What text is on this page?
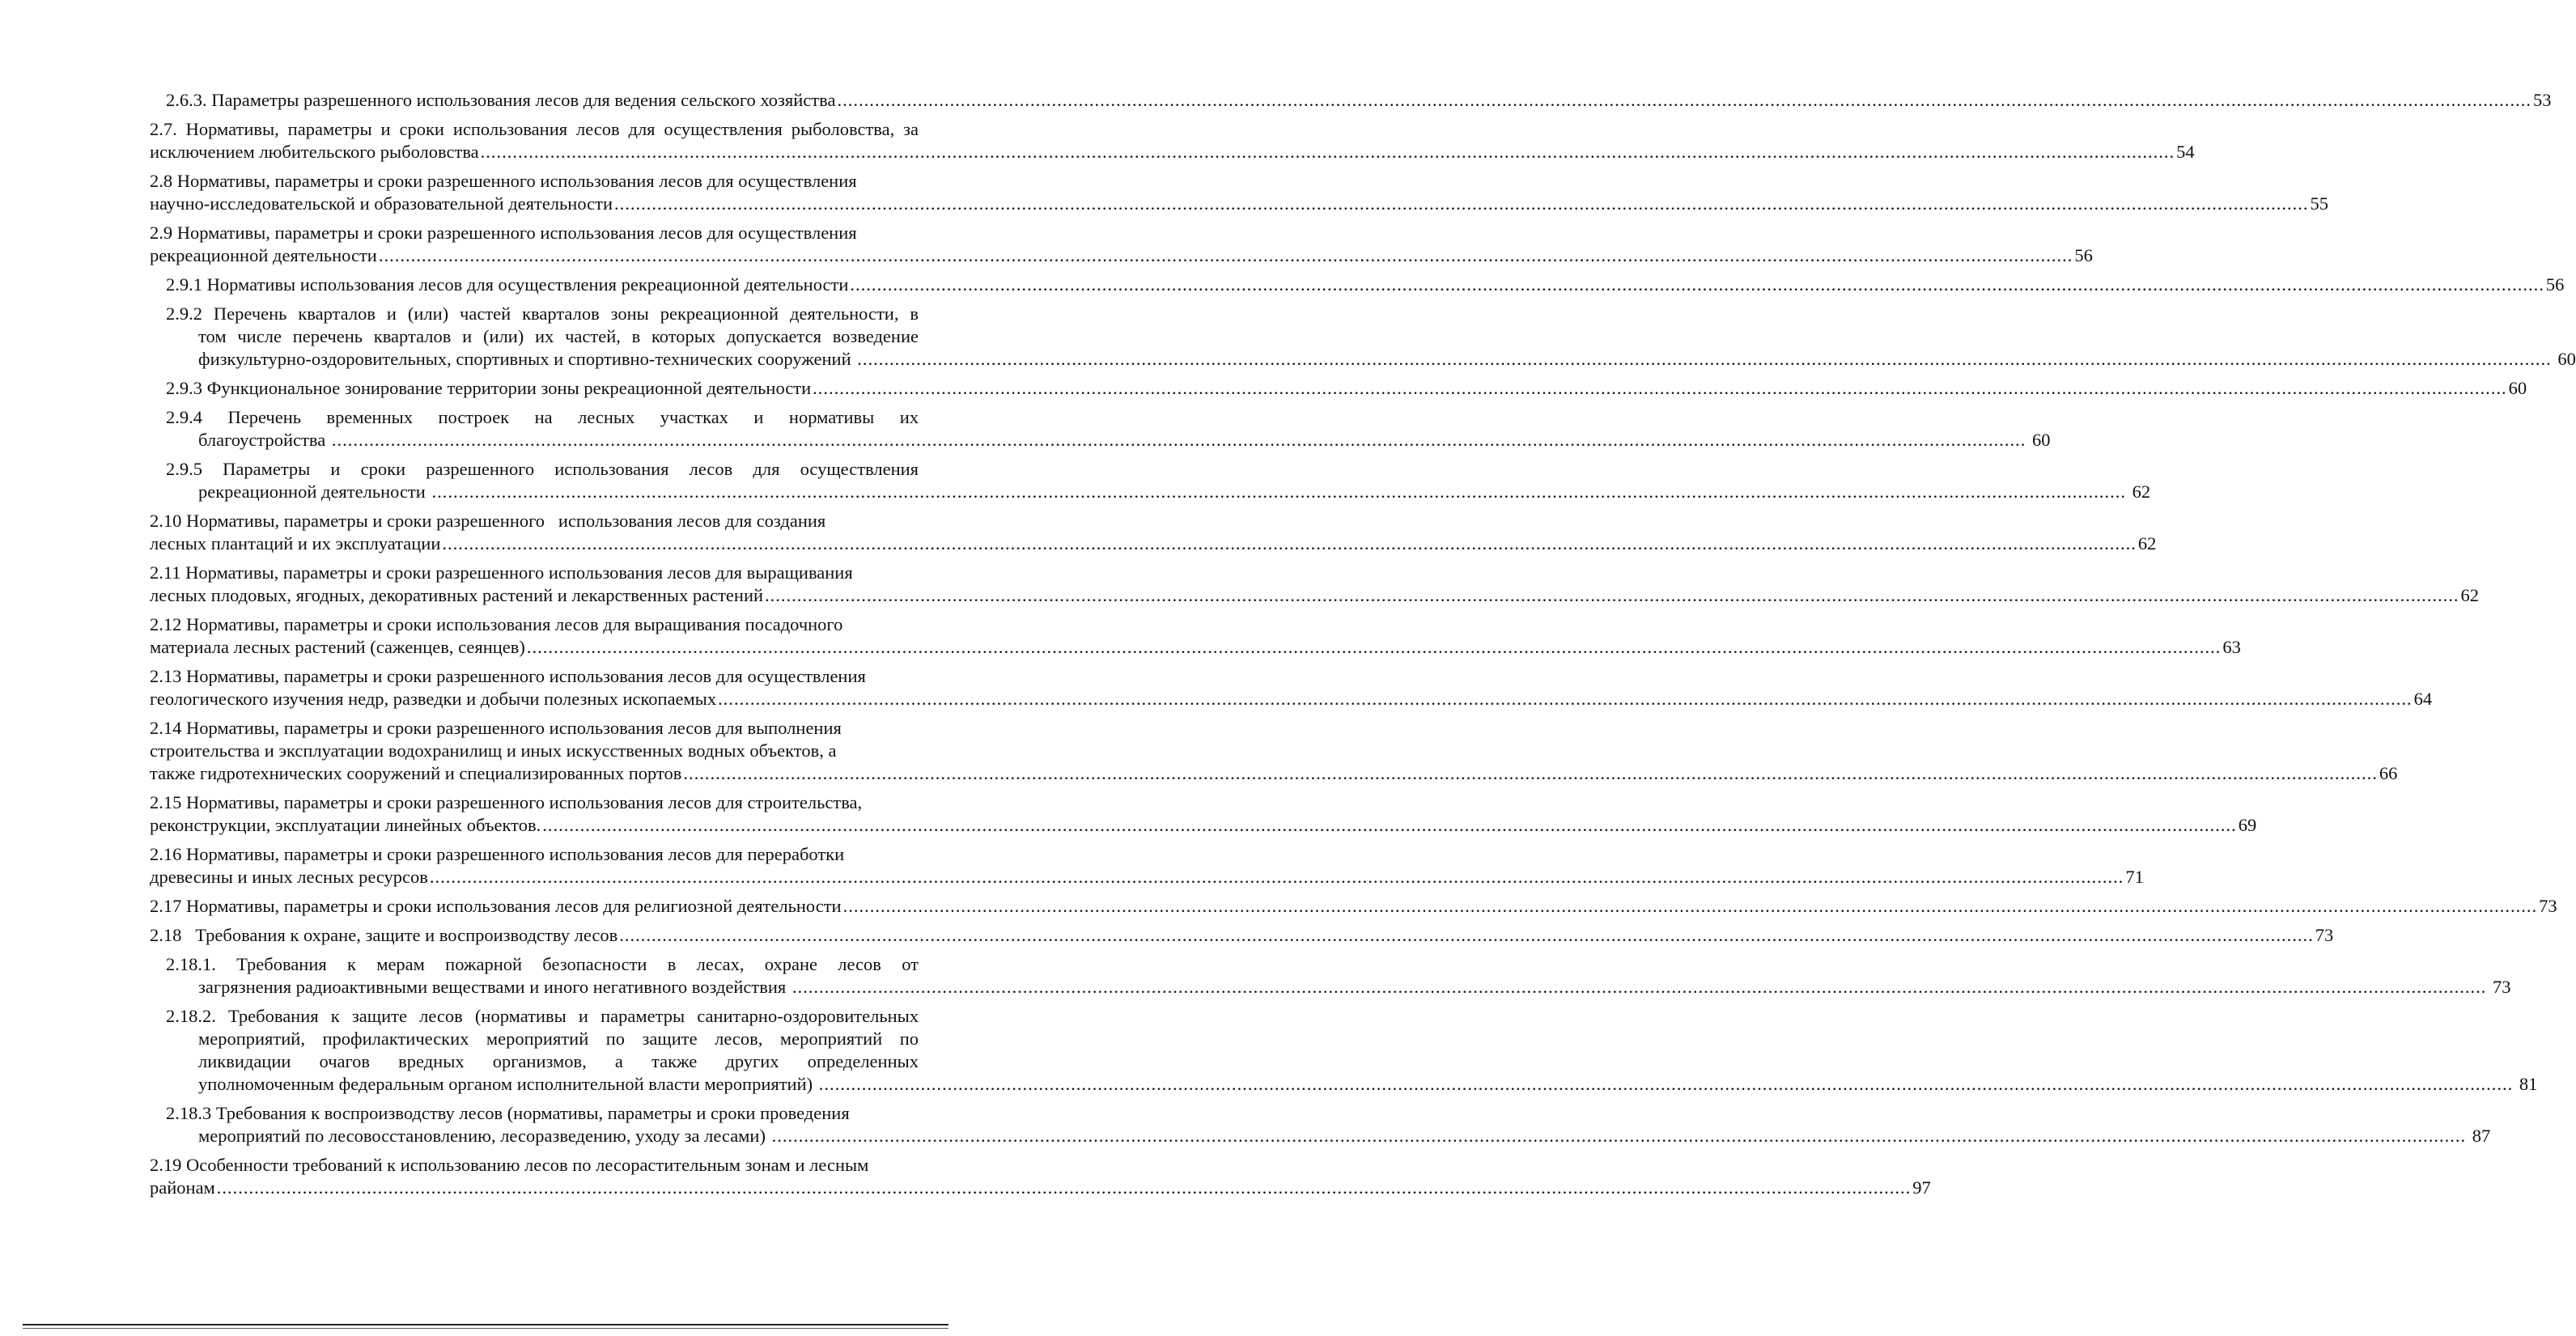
2.6.3. Параметры разрешенного использования лесов для ведения сельского хозяйства .....	53
2.7. Нормативы, параметры и сроки использования лесов для осуществления рыболовства, за
исключением любительского рыболовства .....	54
2.8 Нормативы, параметры и сроки разрешенного использования лесов для осуществления
научно-исследовательской и образовательной деятельности .....	55
2.9 Нормативы, параметры и сроки разрешенного использования лесов для осуществления
рекреационной деятельности .....	56
2.9.1 Нормативы использования лесов для осуществления рекреационной деятельности .....	56
2.9.2 Перечень кварталов и (или) частей кварталов зоны рекреационной деятельности, в
том числе перечень кварталов и (или) их частей, в которых допускается возведение
физкультурно-оздоровительных, спортивных и спортивно-технических сооружений .....	60
2.9.3 Функциональное зонирование территории зоны рекреационной деятельности .....	60
2.9.4 Перечень временных построек на лесных участках и нормативы их
благоустройства .....	60
2.9.5 Параметры и сроки разрешенного использования лесов для осуществления
рекреационной деятельности .....	62
2.10 Нормативы, параметры и сроки разрешенного   использования лесов для создания
лесных плантаций и их эксплуатации .....	62
2.11 Нормативы, параметры и сроки разрешенного использования лесов для выращивания
лесных плодовых, ягодных, декоративных растений и лекарственных растений .....	62
2.12 Нормативы, параметры и сроки использования лесов для выращивания посадочного
материала лесных растений (саженцев, сеянцев) .....	63
2.13 Нормативы, параметры и сроки разрешенного использования лесов для осуществления
геологического изучения недр, разведки и добычи полезных ископаемых .....	64
2.14 Нормативы, параметры и сроки разрешенного использования лесов для выполнения
строительства и эксплуатации водохранилищ и иных искусственных водных объектов, а
также гидротехнических сооружений и специализированных портов .....	66
2.15 Нормативы, параметры и сроки разрешенного использования лесов для строительства,
реконструкции, эксплуатации линейных объектов. .....	69
2.16 Нормативы, параметры и сроки разрешенного использования лесов для переработки
древесины и иных лесных ресурсов .....	71
2.17 Нормативы, параметры и сроки использования лесов для религиозной деятельности .....	73
2.18   Требования к охране, защите и воспроизводству лесов .....	73
2.18.1. Требования к мерам пожарной безопасности в лесах, охране лесов от
загрязнения радиоактивными веществами и иного негативного воздействия .....	73
2.18.2. Требования к защите лесов (нормативы и параметры санитарно-оздоровительных
мероприятий, профилактических мероприятий по защите лесов, мероприятий по
ликвидации очагов вредных организмов, а также других определенных
уполномоченным федеральным органом исполнительной власти мероприятий) .....	81
2.18.3 Требования к воспроизводству лесов (нормативы, параметры и сроки проведения
мероприятий по лесовосстановлению, лесоразведению, уходу за лесами) .....	87
2.19 Особенности требований к использованию лесов по лесорастительным зонам и лесным
районам .....	97
